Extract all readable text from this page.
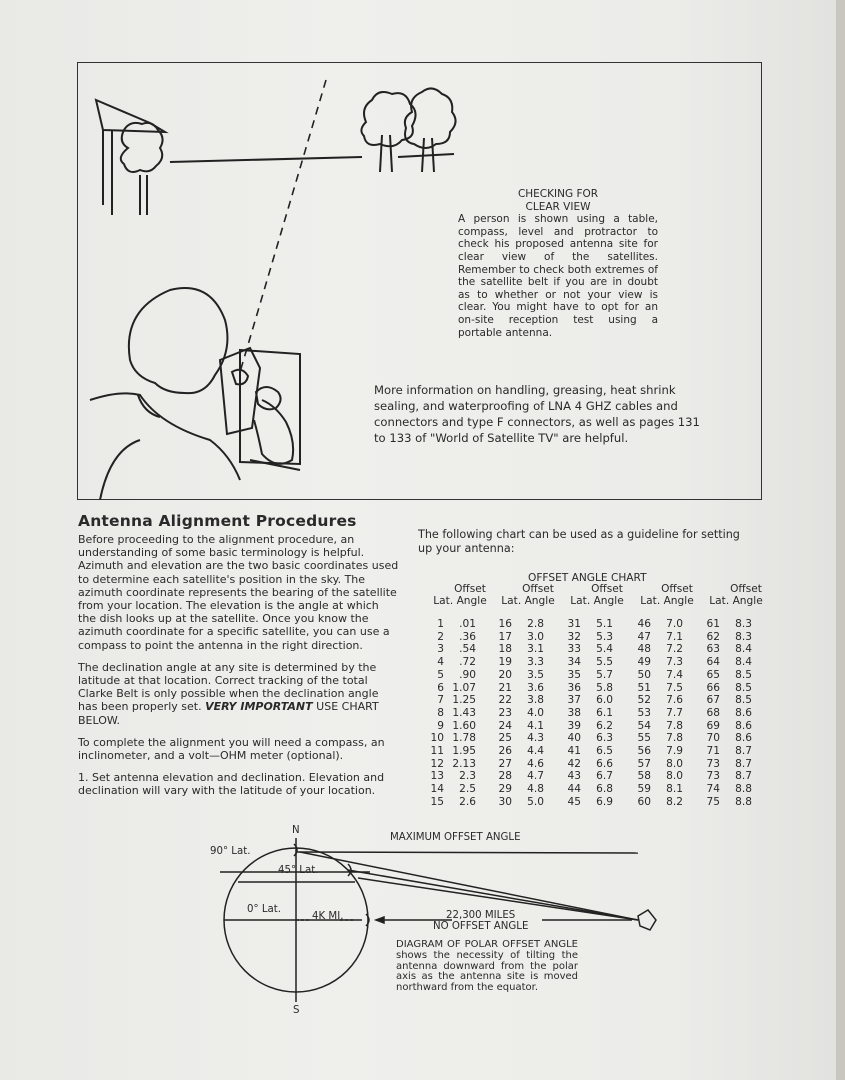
CHECKING FOR
CLEAR VIEW
A person is shown using a table, compass, level and protractor to check his proposed antenna site for clear view of the satellites. Remember to check both extremes of the satellite belt if you are in doubt as to whether or not your view is clear. You might have to opt for an on-site reception test using a portable antenna.
More information on handling, greasing, heat shrink sealing, and waterproofing of LNA 4 GHZ cables and connectors and type F connectors, as well as pages 131 to 133 of "World of Satellite TV" are helpful.
Antenna Alignment Procedures

Before proceeding to the alignment procedure, an understanding of some basic terminology is helpful. Azimuth and elevation are the two basic coordinates used to determine each satellite's position in the sky. The azimuth coordinate represents the bearing of the satellite from your location. The elevation is the angle at which the dish looks up at the satellite. Once you know the azimuth coordinate for a specific satellite, you can use a compass to point the antenna in the right direction.

The declination angle at any site is determined by the latitude at that location. Correct tracking of the total Clarke Belt is only possible when the declination angle has been properly set. VERY IMPORTANT USE CHART BELOW.

To complete the alignment you will need a compass, an inclinometer, and a volt—OHM meter (optional).

1. Set antenna elevation and declination. Elevation and declination will vary with the latitude of your location.

The following chart can be used as a guideline for setting up your antenna:
OFFSET ANGLE CHART
Offset
Lat. Angle
1 .01
2 .36
3 .54
4 .72
5 .90
6 1.07
7 1.25
8 1.43
9 1.60
10 1.78
11 1.95
12 2.13
13 2.3
14 2.5
15 2.6
Offset
Lat. Angle
16 2.8
17 3.0
18 3.1
19 3.3
20 3.5
21 3.6
22 3.8
23 4.0
24 4.1
25 4.3
26 4.4
27 4.6
28 4.7
29 4.8
30 5.0
Offset
Lat. Angle
31 5.1
32 5.3
33 5.4
34 5.5
35 5.7
36 5.8
37 6.0
38 6.1
39 6.2
40 6.3
41 6.5
42 6.6
43 6.7
44 6.8
45 6.9
Offset
Lat. Angle
46 7.0
47 7.1
48 7.2
49 7.3
50 7.4
51 7.5
52 7.6
53 7.7
54 7.8
55 7.8
56 7.9
57 8.0
58 8.0
59 8.1
60 8.2
Offset
Lat. Angle
61 8.3
62 8.3
63 8.4
64 8.4
65 8.5
66 8.5
67 8.5
68 8.6
69 8.6
70 8.6
71 8.7
73 8.7
73 8.7
74 8.8
75 8.8
N
S
90° Lat.
45° Lat.
0° Lat.
4K MI.
MAXIMUM OFFSET ANGLE
22,300 MILES
NO OFFSET ANGLE
DIAGRAM OF POLAR OFFSET ANGLE shows the necessity of tilting the antenna downward from the polar axis as the antenna site is moved northward from the equator.
